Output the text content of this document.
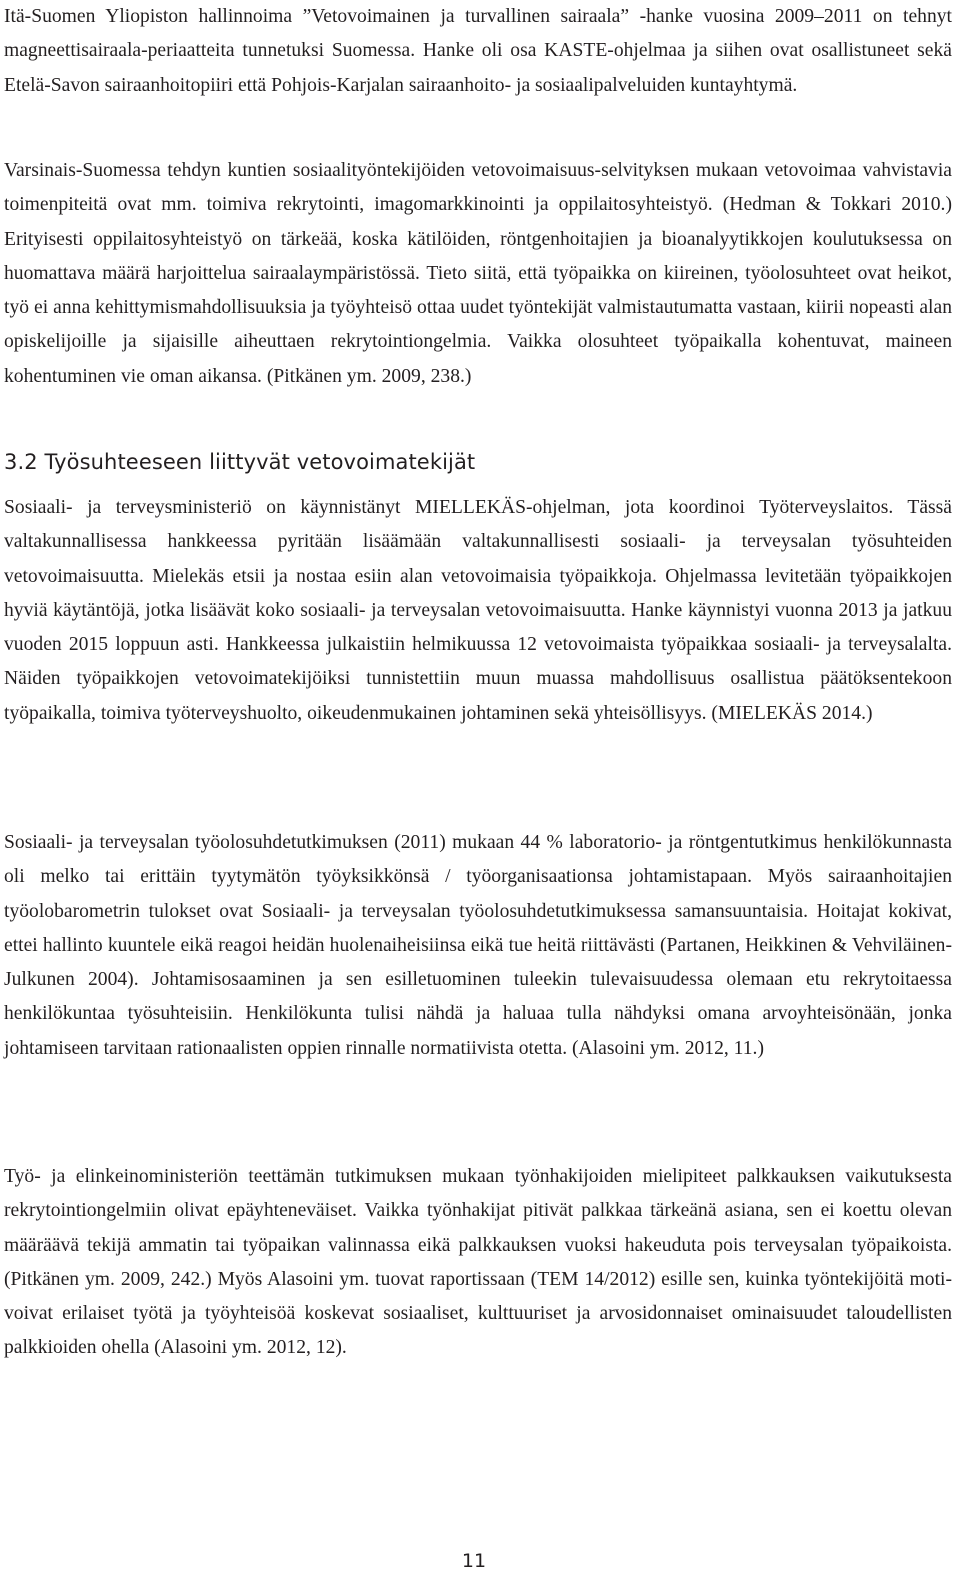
Itä-Suomen Yliopiston hallinnoima ”Vetovoimainen ja turvallinen sairaala” -hanke vuosina 2009–2011 on tehnyt magneettisairaala-periaatteita tunnetuksi Suomessa. Hanke oli osa KASTE-ohjelmaa ja siihen ovat osallistuneet sekä Etelä-Savon sairaanhoitopiiri että Pohjois-Karjalan sairaanhoito- ja sosiaalipalveluiden kuntayhtymä.

Varsinais-Suomessa tehdyn kuntien sosiaalityöntekijöiden vetovoimaisuus-selvityksen mukaan vetovoimaa vahvistavia toimenpiteitä ovat mm. toimiva rekrytointi, imagomarkkinointi ja oppilaitosyhteistyö. (Hedman & Tokkari 2010.) Erityisesti oppilaitosyhteistyö on tärkeää, koska kätilöiden, röntgenhoitajien ja bioanalyytikkojen koulutuksessa on huomattava määrä harjoittelua sairaalaympäristössä. Tieto siitä, että työpaikka on kiireinen, työolosuhteet ovat heikot, työ ei anna kehittymismahdollisuuksia ja työyhteisö ottaa uudet työntekijät valmistautumatta vastaan, kiirii nopeasti alan opiskelijoille ja sijaisille aiheuttaen rekrytointiongelmia. Vaikka olosuhteet työpaikalla kohentuvat, maineen kohentuminen vie oman aikansa. (Pitkänen ym. 2009, 238.)

3.2 Työsuhteeseen liittyvät vetovoimatekijät

Sosiaali- ja terveysministeriö on käynnistänyt MIELLEKÄS-ohjelman, jota koordinoi Työterveyslaitos. Tässä valtakunnallisessa hankkeessa pyritään lisäämään valtakunnallisesti sosiaali- ja terveysalan työsuhteiden vetovoimaisuutta. Mielekäs etsii ja nostaa esiin alan vetovoimaisia työpaikkoja. Ohjelmassa levitetään työpaikkojen hyviä käytäntöjä, jotka lisäävät koko sosiaali- ja terveysalan vetovoimaisuutta. Hanke käynnistyi vuonna 2013 ja jatkuu vuoden 2015 loppuun asti. Hankkeessa julkaistiin helmikuussa 12 vetovoimaista työpaikkaa sosiaali- ja terveysalalta. Näiden työpaikkojen vetovoimatekijöiksi tunnistettiin muun muassa mahdollisuus osallistua päätöksentekoon työpaikalla, toimiva työterveyshuolto, oikeudenmukainen johtaminen sekä yhteisöllisyys. (MIELEKÄS 2014.)

Sosiaali- ja terveysalan työolosuhdetutkimuksen (2011) mukaan 44 % laboratorio- ja röntgentutkimus henkilökunnasta oli melko tai erittäin tyytymätön työyksikkönsä / työorganisaationsa johtamistapaan. Myös sairaanhoitajien työolobarometrin tulokset ovat Sosiaali- ja terveysalan työolosuhdetutkimuksessa samansuuntaisia. Hoitajat kokivat, ettei hallinto kuuntele eikä reagoi heidän huolenaiheisiinsa eikä tue heitä riittävästi (Partanen, Heikkinen & Vehviläinen-Julkunen 2004). Johtamisosaaminen ja sen esilletuominen tuleekin tulevaisuudessa olemaan etu rekrytoitaessa henkilökuntaa työsuhteisiin. Henkilökunta tulisi nähdä ja haluaa tulla nähdyksi omana arvoyhteisönään, jonka johtamiseen tarvitaan rationaalisten oppien rinnalle normatiivista otetta. (Alasoini ym. 2012, 11.)

Työ- ja elinkeinoministeriön teettämän tutkimuksen mukaan työnhakijoiden mielipiteet palkkauksen vaikutuksesta rekrytointiongelmiin olivat epäyhteneväiset. Vaikka työnhakijat pitivät palkkaa tärkeänä asiana, sen ei koettu olevan määräävä tekijä ammatin tai työpaikan valinnassa eikä palkkauksen vuoksi hakeuduta pois terveysalan työpaikoista. (Pitkänen ym. 2009, 242.) Myös Alasoini ym. tuovat raportissaan (TEM 14/2012) esille sen, kuinka työntekijöitä motivoivat erilaiset työtä ja työyhteisöä koskevat sosiaaliset, kulttuuriset ja arvosidonnaiset ominaisuudet taloudellisten palkkioiden ohella (Alasoini ym. 2012, 12).

11
